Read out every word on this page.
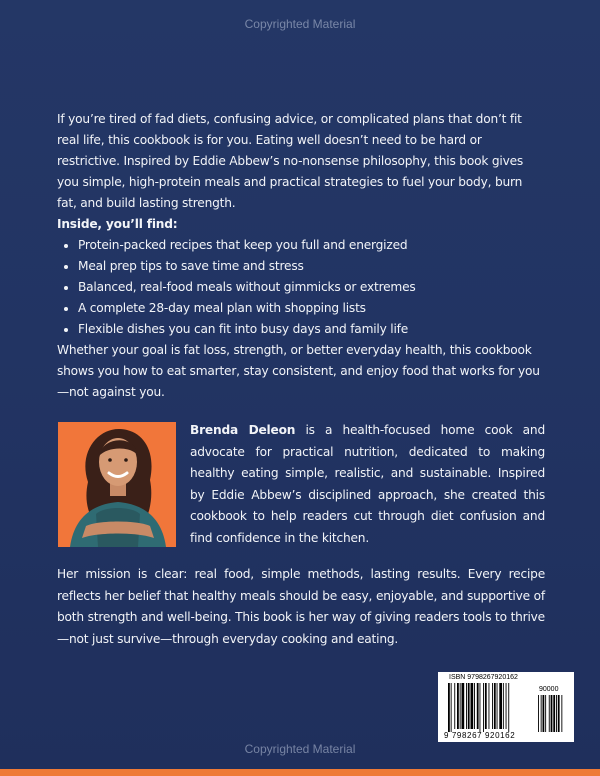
Copyrighted Material

If you’re tired of fad diets, confusing advice, or complicated plans that don’t fit real life, this cookbook is for you. Eating well doesn’t need to be hard or restrictive. Inspired by Eddie Abbew’s no-nonsense philosophy, this book gives you simple, high-protein meals and practical strategies to fuel your body, burn fat, and build lasting strength.

Inside, you’ll find:

Protein-packed recipes that keep you full and energized
Meal prep tips to save time and stress
Balanced, real-food meals without gimmicks or extremes
A complete 28-day meal plan with shopping lists
Flexible dishes you can fit into busy days and family life

Whether your goal is fat loss, strength, or better everyday health, this cookbook shows you how to eat smarter, stay consistent, and enjoy food that works for you—not against you.

Brenda Deleon is a health-focused home cook and advocate for practical nutrition, dedicated to making healthy eating simple, realistic, and sustainable. Inspired by Eddie Abbew’s disciplined approach, she created this cookbook to help readers cut through diet confusion and find confidence in the kitchen.

Her mission is clear: real food, simple methods, lasting results. Every recipe reflects her belief that healthy meals should be easy, enjoyable, and supportive of both strength and well-being. This book is her way of giving readers tools to thrive—not just survive—through everyday cooking and eating.

ISBN 9798267920162
90000
9 798267 920162
Copyrighted Material
